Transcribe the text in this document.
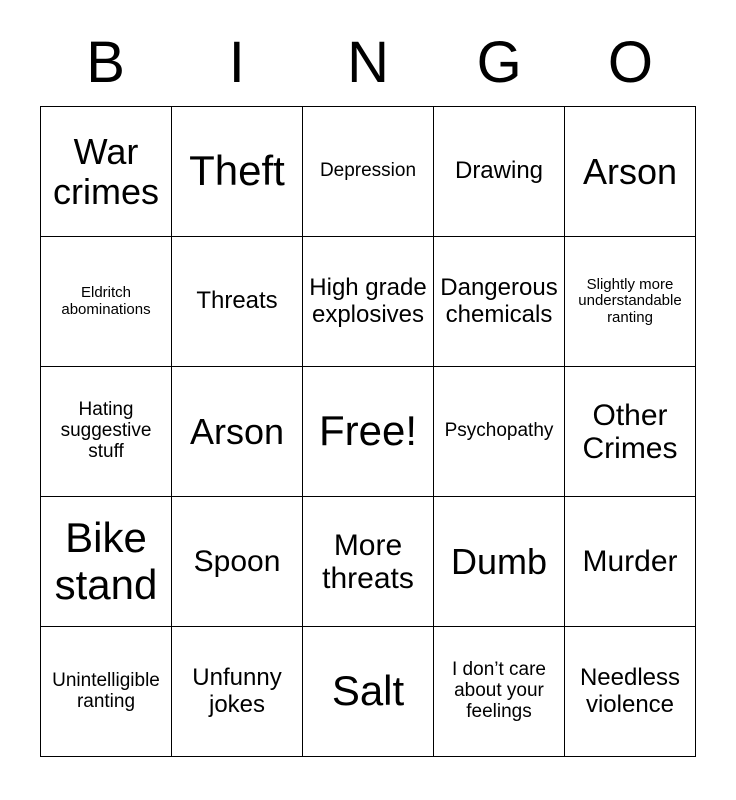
B	I	N	G	O
War crimes	Theft	Depression	Drawing	Arson

Eldritch abominations	Threats	High grade explosives	Dangerous chemicals	Slightly more understandable ranting

Hating suggestive stuff	Arson	Free!	Psychopathy	Other Crimes

Bike stand	Spoon	More threats	Dumb	Murder

Unintelligible ranting	Unfunny jokes	Salt	I don’t care about your feelings	Needless violence
